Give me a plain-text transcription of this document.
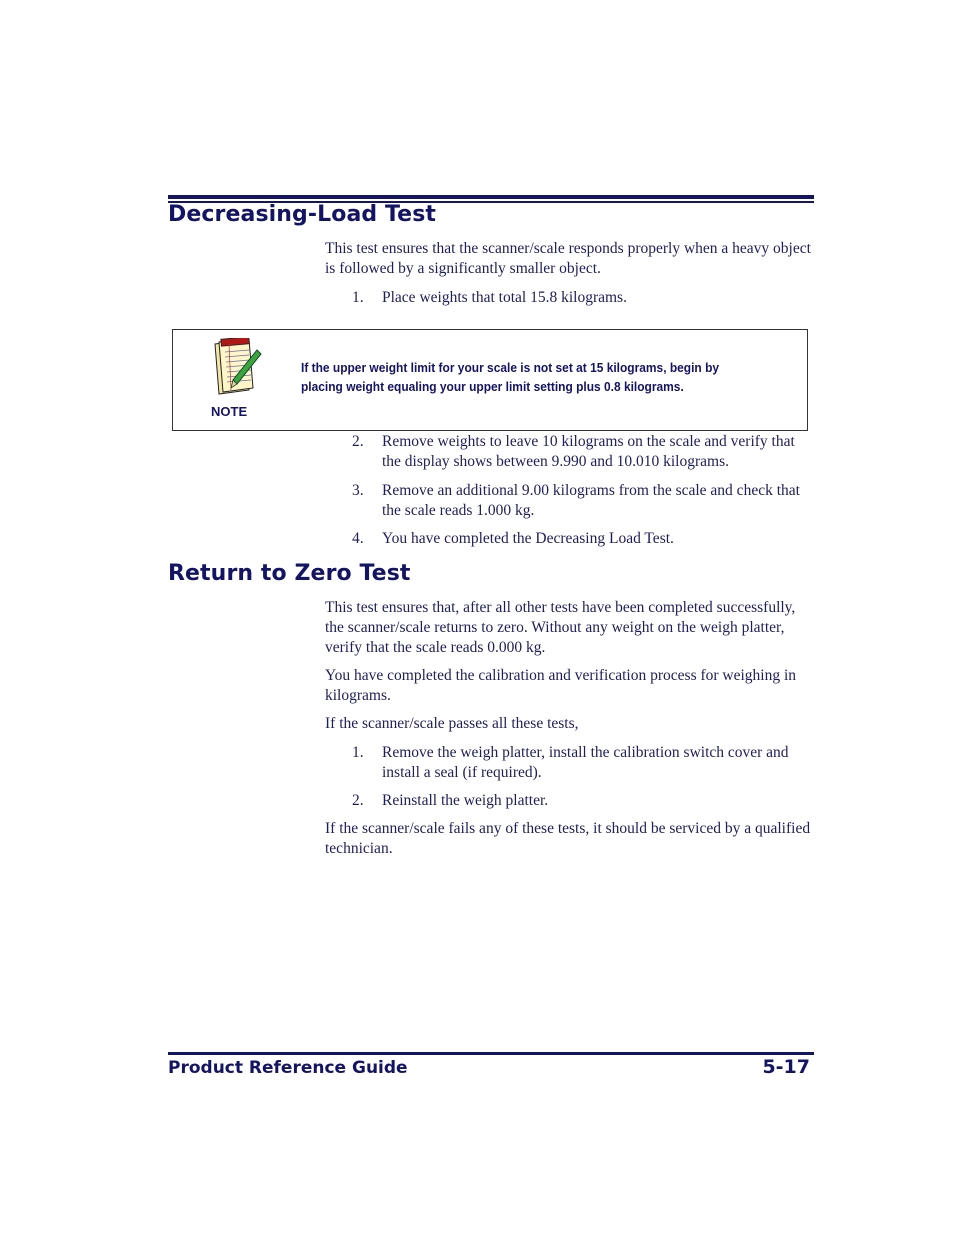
Decreasing-Load Test

This test ensures that the scanner/scale responds properly when a heavy object is followed by a significantly smaller object.

1. Place weights that total 15.8 kilograms.
NOTE
If the upper weight limit for your scale is not set at 15 kilograms, begin by placing weight equaling your upper limit setting plus 0.8 kilograms.
2. Remove weights to leave 10 kilograms on the scale and verify that the display shows between 9.990 and 10.010 kilograms.
3. Remove an additional 9.00 kilograms from the scale and check that the scale reads 1.000 kg.
4. You have completed the Decreasing Load Test.
Return to Zero Test

This test ensures that, after all other tests have been completed successfully, the scanner/scale returns to zero. Without any weight on the weigh platter, verify that the scale reads 0.000 kg.

You have completed the calibration and verification process for weighing in kilograms.

If the scanner/scale passes all these tests,

1. Remove the weigh platter, install the calibration switch cover and install a seal (if required).
2. Reinstall the weigh platter.

If the scanner/scale fails any of these tests, it should be serviced by a qualified technician.

Product Reference Guide	5-17
